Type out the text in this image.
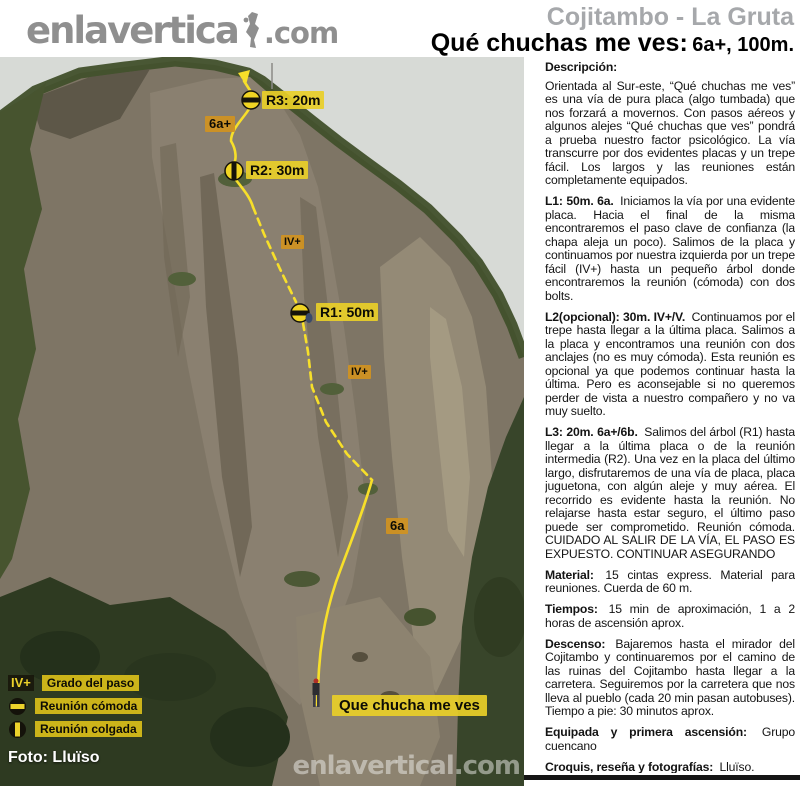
enlavertica .com	Cojitambo - La Gruta
Qué chuchas me ves: 6a+, 100m.
R3: 20m
6a+
R2: 30m
IV+
R1: 50m
IV+
6a
Que chucha me ves
IV+	Grado del paso
Reunión cómoda
Reunión colgada
Foto: Lluïso	enlavertical.com

Descripción:
Orientada al Sur-este, “Qué chuchas me ves” es una vía de pura placa (algo tumbada) que nos forzará a movernos. Con pasos aéreos y algunos alejes “Qué chuchas que ves” pondrá a prueba nuestro factor psicológico. La vía transcurre por dos evidentes placas y un trepe fácil. Los largos y las reuniones están completamente equipados.

L1: 50m. 6a. Iniciamos la vía por una evidente placa. Hacia el final de la misma encontraremos el paso clave de confianza (la chapa aleja un poco). Salimos de la placa y continuamos por nuestra izquierda por un trepe fácil (IV+) hasta un pequeño árbol donde encontraremos la reunión (cómoda) con dos bolts.

L2(opcional): 30m. IV+/V. Continuamos por el trepe hasta llegar a la última placa. Salimos a la placa y encontramos una reunión con dos anclajes (no es muy cómoda). Esta reunión es opcional ya que podemos continuar hasta la última. Pero es aconsejable si no queremos perder de vista a nuestro compañero y no va muy suelto.

L3: 20m. 6a+/6b. Salimos del árbol (R1) hasta llegar a la última placa o de la reunión intermedia (R2). Una vez en la placa del último largo, disfrutaremos de una vía de placa, placa juguetona, con algún aleje y muy aérea. El recorrido es evidente hasta la reunión. No relajarse hasta estar seguro, el último paso puede ser comprometido. Reunión cómoda. CUIDADO AL SALIR DE LA VÍA, EL PASO ES EXPUESTO. CONTINUAR ASEGURANDO

Material: 15 cintas express. Material para reuniones. Cuerda de 60 m.

Tiempos: 15 min de aproximación, 1 a 2 horas de ascensión aprox.

Descenso: Bajaremos hasta el mirador del Cojitambo y continuaremos por el camino de las ruinas del Cojitambo hasta llegar a la carretera. Seguiremos por la carretera que nos lleva al pueblo (cada 20 min pasan autobuses). Tiempo a pie: 30 minutos aprox.

Equipada y primera ascensión: Grupo cuencano

Croquis, reseña y fotografías: Lluïso.
